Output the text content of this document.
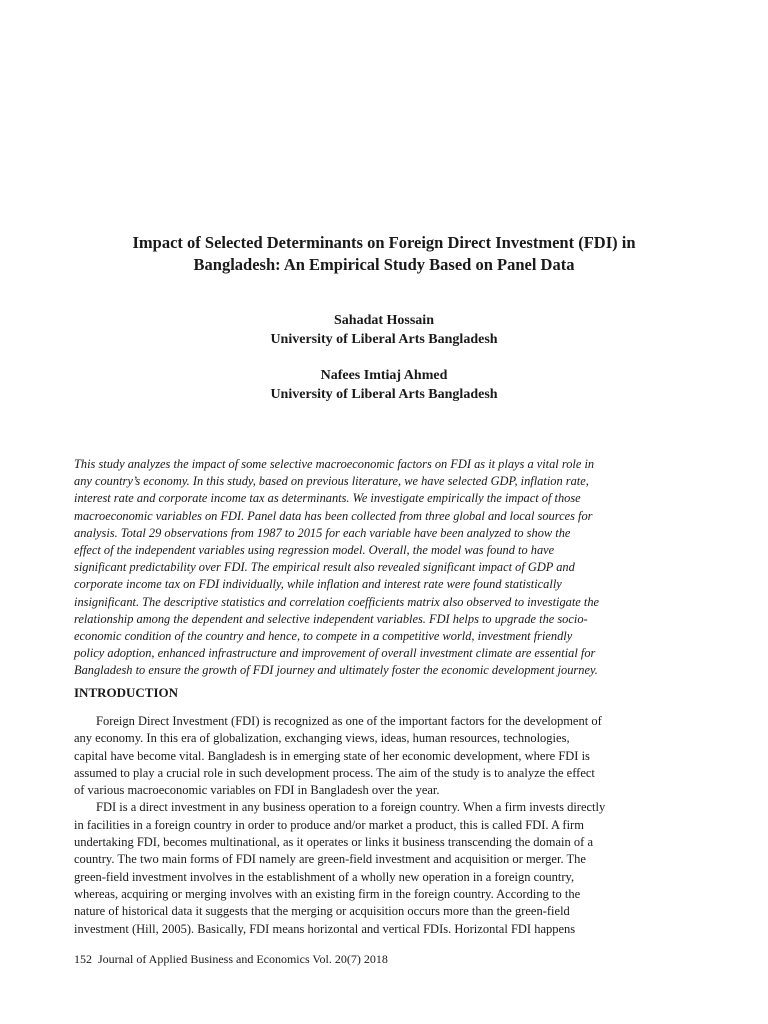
Impact of Selected Determinants on Foreign Direct Investment (FDI) in
Bangladesh: An Empirical Study Based on Panel Data
Sahadat Hossain
University of Liberal Arts Bangladesh
Nafees Imtiaj Ahmed
University of Liberal Arts Bangladesh
This study analyzes the impact of some selective macroeconomic factors on FDI as it plays a vital role in
any country’s economy. In this study, based on previous literature, we have selected GDP, inflation rate,
interest rate and corporate income tax as determinants. We investigate empirically the impact of those
macroeconomic variables on FDI. Panel data has been collected from three global and local sources for
analysis. Total 29 observations from 1987 to 2015 for each variable have been analyzed to show the
effect of the independent variables using regression model. Overall, the model was found to have
significant predictability over FDI. The empirical result also revealed significant impact of GDP and
corporate income tax on FDI individually, while inflation and interest rate were found statistically
insignificant. The descriptive statistics and correlation coefficients matrix also observed to investigate the
relationship among the dependent and selective independent variables. FDI helps to upgrade the socio-
economic condition of the country and hence, to compete in a competitive world, investment friendly
policy adoption, enhanced infrastructure and improvement of overall investment climate are essential for
Bangladesh to ensure the growth of FDI journey and ultimately foster the economic development journey.
INTRODUCTION
Foreign Direct Investment (FDI) is recognized as one of the important factors for the development of
any economy. In this era of globalization, exchanging views, ideas, human resources, technologies,
capital have become vital. Bangladesh is in emerging state of her economic development, where FDI is
assumed to play a crucial role in such development process. The aim of the study is to analyze the effect
of various macroeconomic variables on FDI in Bangladesh over the year.
FDI is a direct investment in any business operation to a foreign country. When a firm invests directly
in facilities in a foreign country in order to produce and/or market a product, this is called FDI. A firm
undertaking FDI, becomes multinational, as it operates or links it business transcending the domain of a
country. The two main forms of FDI namely are green-field investment and acquisition or merger. The
green-field investment involves in the establishment of a wholly new operation in a foreign country,
whereas, acquiring or merging involves with an existing firm in the foreign country. According to the
nature of historical data it suggests that the merging or acquisition occurs more than the green-field
investment (Hill, 2005). Basically, FDI means horizontal and vertical FDIs. Horizontal FDI happens
152 Journal of Applied Business and Economics Vol. 20(7) 2018
